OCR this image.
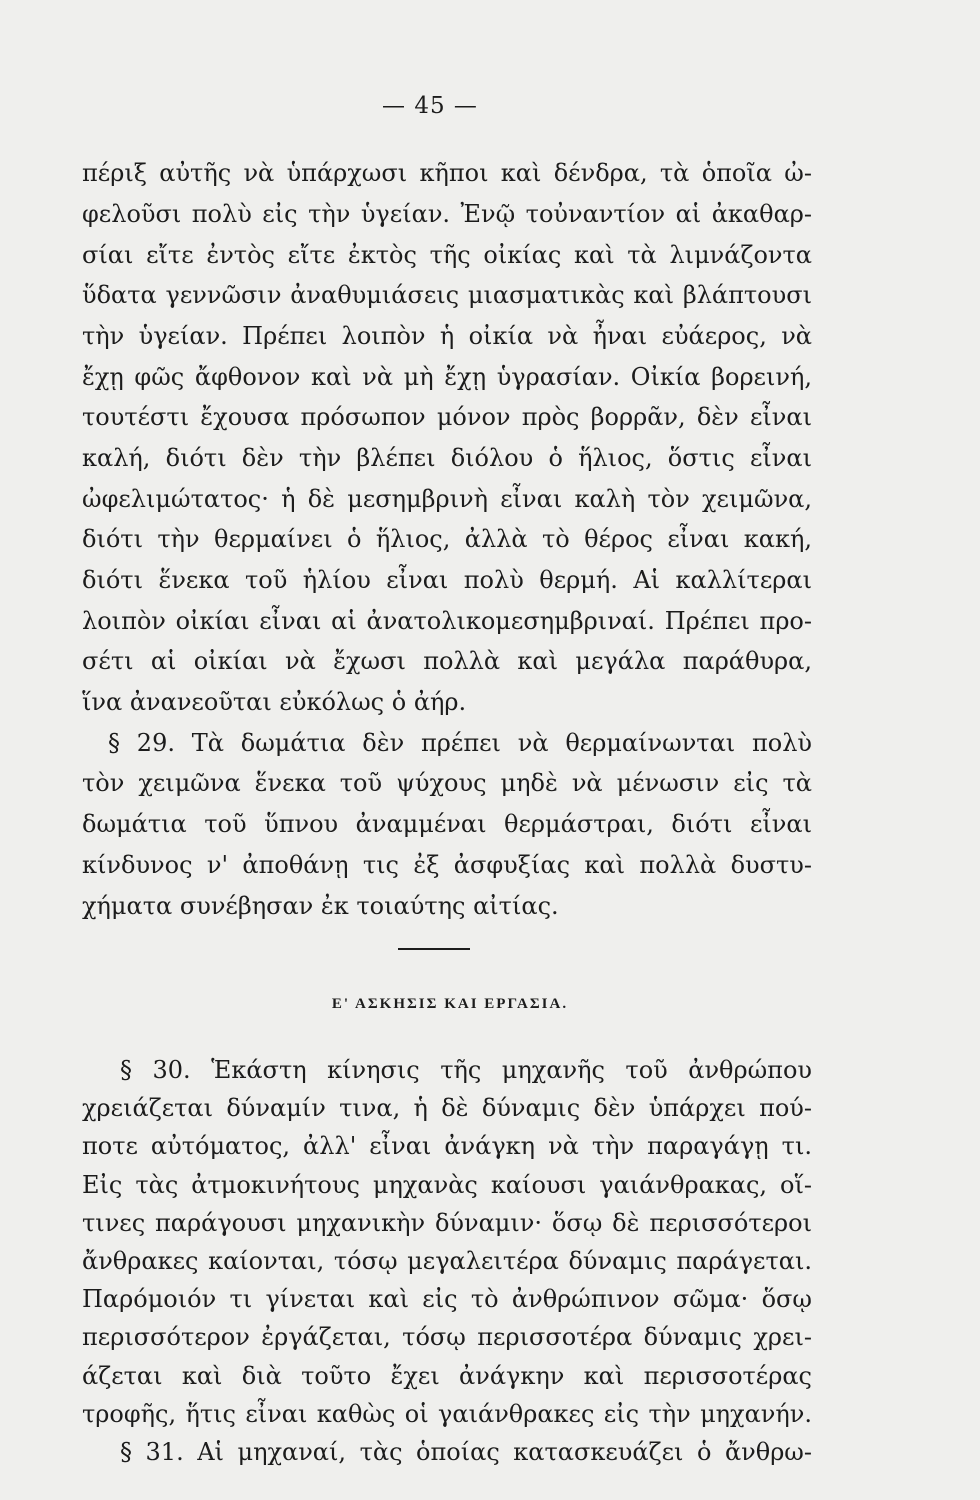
— 45 —
πέριξ αὐτῆς νὰ ὑπάρχωσι κῆποι καὶ δένδρα, τὰ ὁποῖα ὠ-
φελοῦσι πολὺ εἰς τὴν ὑγείαν. Ἐνῷ τοὐναντίον αἱ ἀκαθαρ-
σίαι εἴτε ἐντὸς εἴτε ἐκτὸς τῆς οἰκίας καὶ τὰ λιμνάζοντα
ὕδατα γεννῶσιν ἀναθυμιάσεις μιασματικὰς καὶ βλάπτουσι
τὴν ὑγείαν. Πρέπει λοιπὸν ἡ οἰκία νὰ ἦναι εὐάερος, νὰ
ἔχῃ φῶς ἄφθονον καὶ νὰ μὴ ἔχῃ ὑγρασίαν. Οἰκία βορεινή,
τουτέστι ἔχουσα πρόσωπον μόνον πρὸς βορρᾶν, δὲν εἶναι
καλή, διότι δὲν τὴν βλέπει διόλου ὁ ἥλιος, ὅστις εἶναι
ὠφελιμώτατος· ἡ δὲ μεσημβρινὴ εἶναι καλὴ τὸν χειμῶνα,
διότι τὴν θερμαίνει ὁ ἥλιος, ἀλλὰ τὸ θέρος εἶναι κακή,
διότι ἕνεκα τοῦ ἡλίου εἶναι πολὺ θερμή. Αἱ καλλίτεραι
λοιπὸν οἰκίαι εἶναι αἱ ἀνατολικομεσημβριναί. Πρέπει προ-
σέτι αἱ οἰκίαι νὰ ἔχωσι πολλὰ καὶ μεγάλα παράθυρα,
ἵνα ἀνανεοῦται εὐκόλως ὁ ἀήρ.
§ 29. Τὰ δωμάτια δὲν πρέπει νὰ θερμαίνωνται πολὺ
τὸν χειμῶνα ἕνεκα τοῦ ψύχους μηδὲ νὰ μένωσιν εἰς τὰ
δωμάτια τοῦ ὕπνου ἀναμμέναι θερμάστραι, διότι εἶναι
κίνδυνος ν' ἀποθάνῃ τις ἐξ ἀσφυξίας καὶ πολλὰ δυστυ-
χήματα συνέβησαν ἐκ τοιαύτης αἰτίας.
Ε' ΑΣΚΗΣΙΣ ΚΑΙ ΕΡΓΑΣΙΑ.
§ 30. Ἑκάστη κίνησις τῆς μηχανῆς τοῦ ἀνθρώπου
χρειάζεται δύναμίν τινα, ἡ δὲ δύναμις δὲν ὑπάρχει πού-
ποτε αὐτόματος, ἀλλ' εἶναι ἀνάγκη νὰ τὴν παραγάγῃ τι.
Εἰς τὰς ἀτμοκινήτους μηχανὰς καίουσι γαιάνθρακας, οἵ-
τινες παράγουσι μηχανικὴν δύναμιν· ὅσῳ δὲ περισσότεροι
ἄνθρακες καίονται, τόσῳ μεγαλειτέρα δύναμις παράγεται.
Παρόμοιόν τι γίνεται καὶ εἰς τὸ ἀνθρώπινον σῶμα· ὅσῳ
περισσότερον ἐργάζεται, τόσῳ περισσοτέρα δύναμις χρει-
άζεται καὶ διὰ τοῦτο ἔχει ἀνάγκην καὶ περισσοτέρας
τροφῆς, ἥτις εἶναι καθὼς οἱ γαιάνθρακες εἰς τὴν μηχανήν.
§ 31. Αἱ μηχαναί, τὰς ὁποίας κατασκευάζει ὁ ἄνθρω-
